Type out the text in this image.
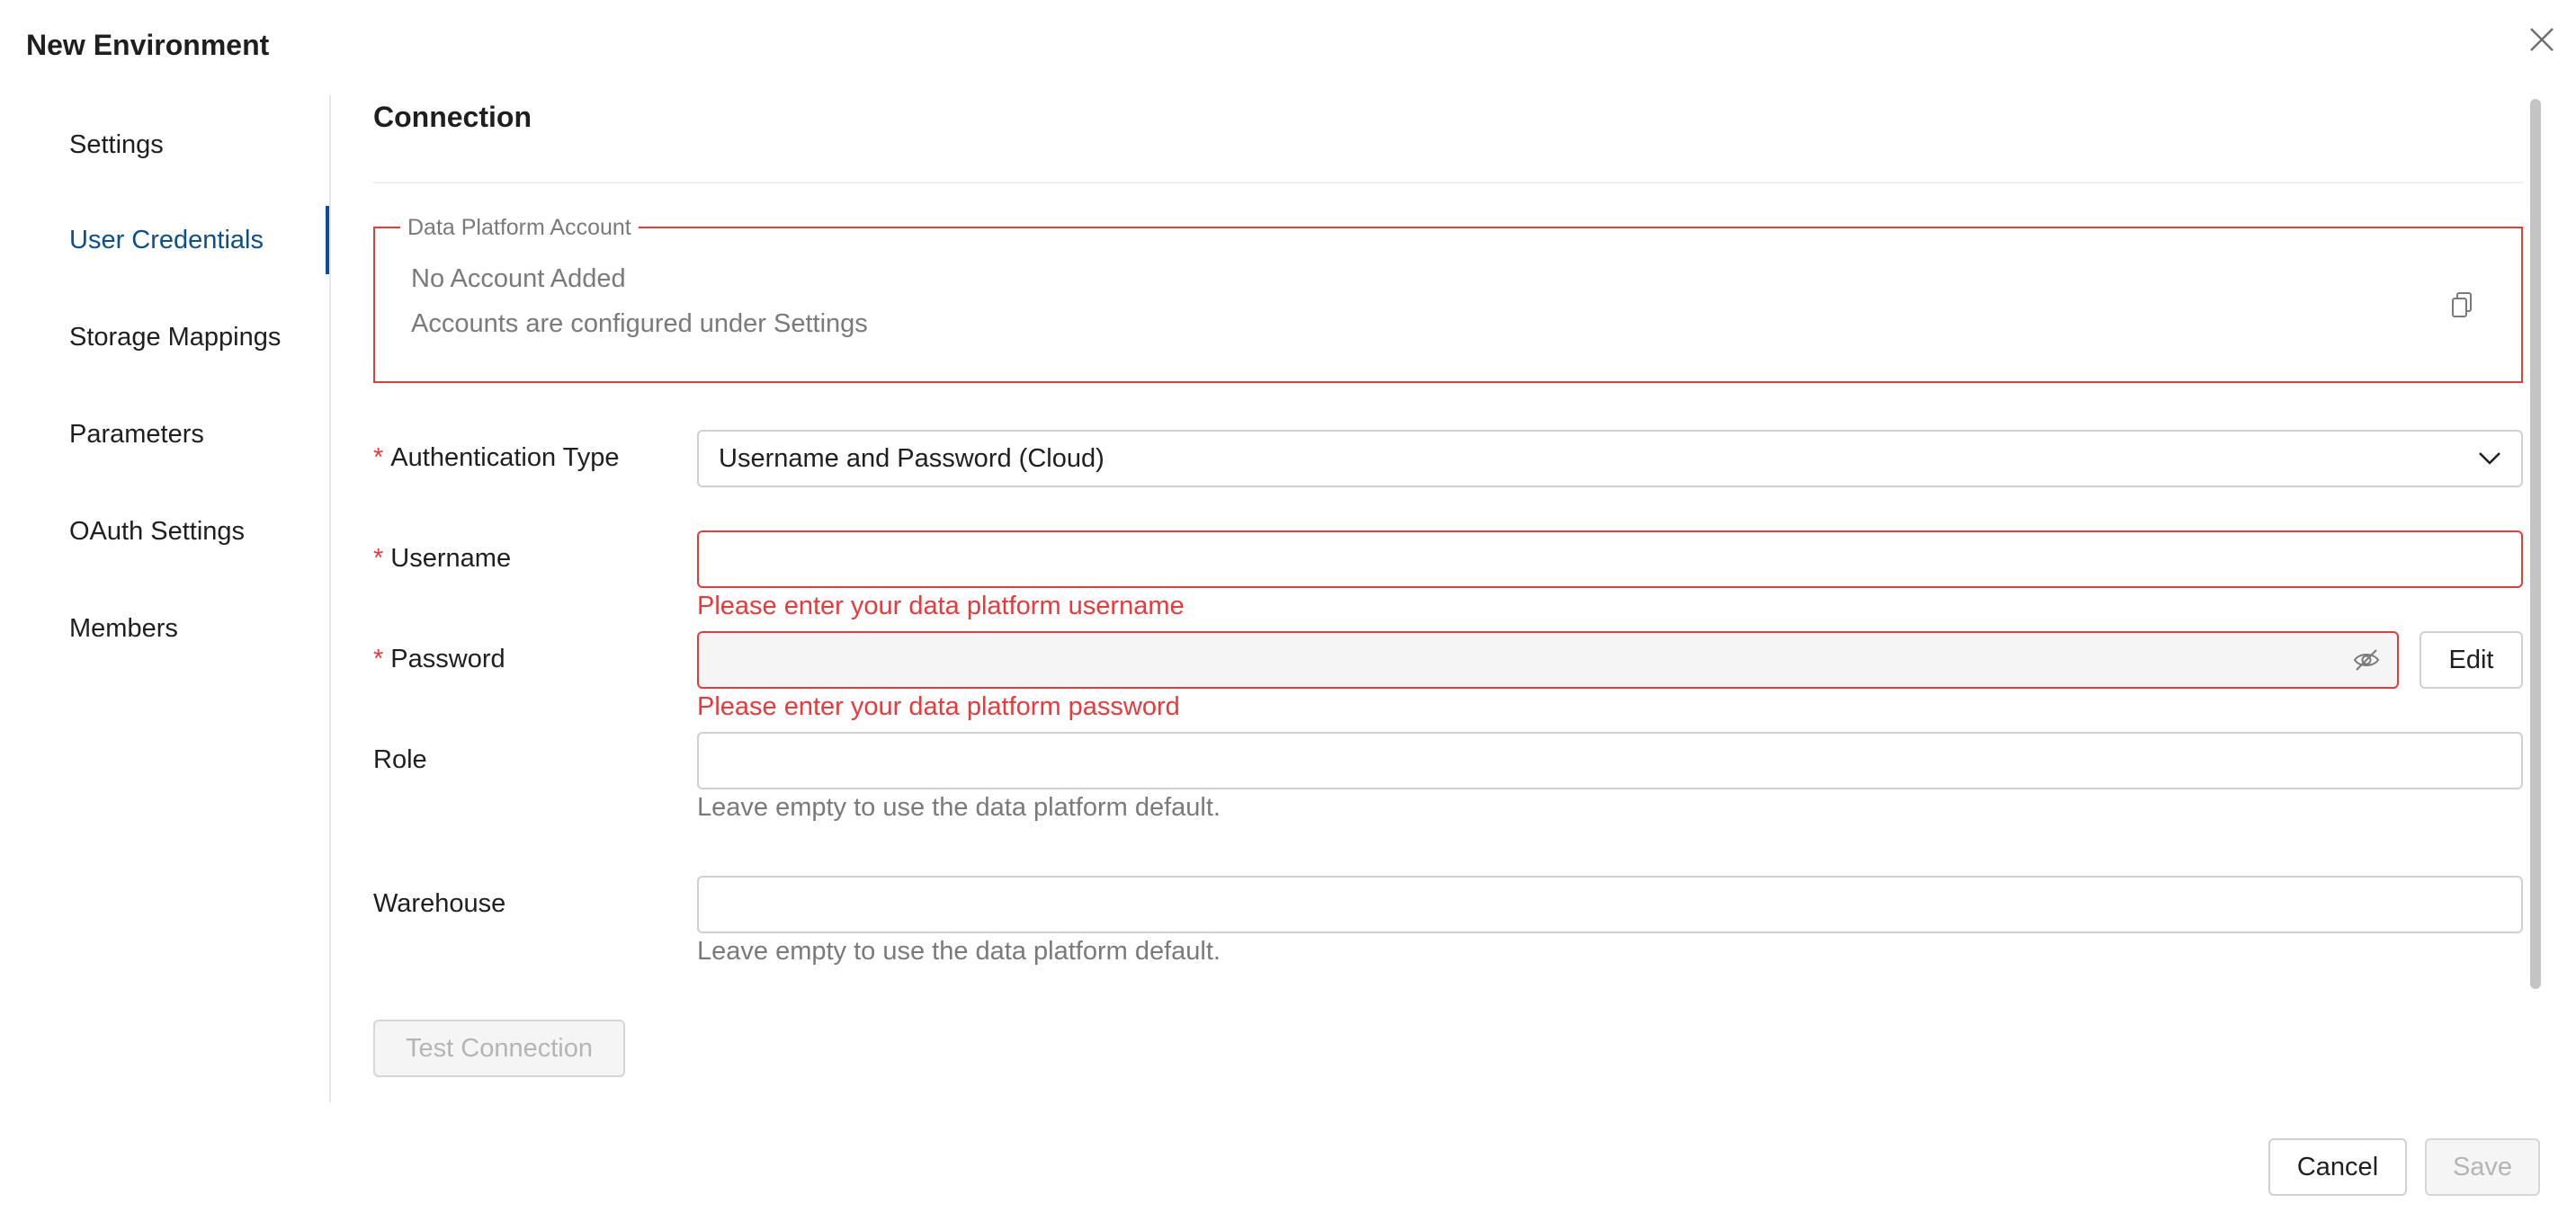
New Environment
Settings
User Credentials
Storage Mappings
Parameters
OAuth Settings
Members
Connection
Data Platform Account
No Account Added
Accounts are configured under Settings
* Authentication Type	Username and Password (Cloud)
* Username
Please enter your data platform username
* Password	Edit
Please enter your data platform password
Role
Leave empty to use the data platform default.
Warehouse
Leave empty to use the data platform default.
Test Connection
Cancel	Save
